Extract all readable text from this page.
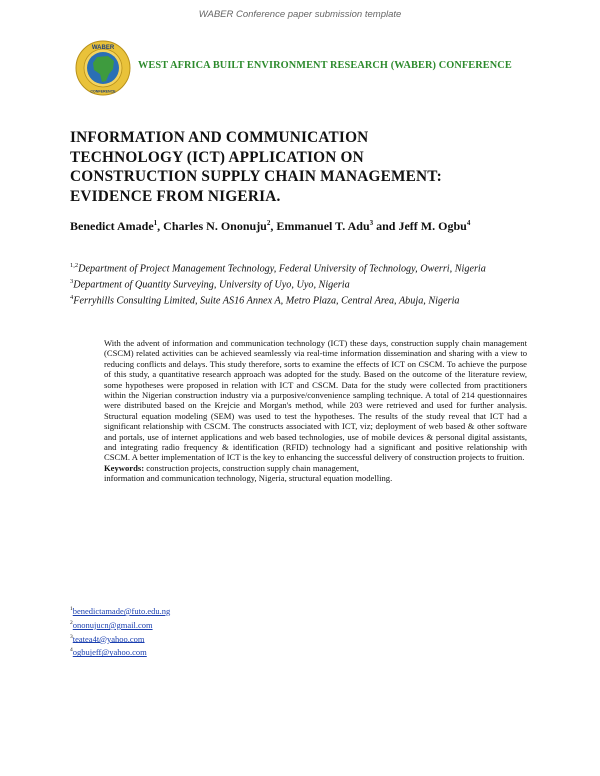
WABER Conference paper submission template
WABER
CONFERENCE
WEST AFRICA BUILT ENVIRONMENT RESEARCH (WABER) CONFERENCE
INFORMATION AND COMMUNICATION
TECHNOLOGY (ICT) APPLICATION ON
CONSTRUCTION SUPPLY CHAIN MANAGEMENT:
EVIDENCE FROM NIGERIA.
Benedict Amade$^1$, Charles N. Ononuju$^2$, Emmanuel T. Adu$^3$ and Jeff M. Ogbu$^4$

$^{1,2}$Department of Project Management Technology, Federal University of Technology, Owerri, Nigeria

$^3$Department of Quantity Surveying, University of Uyo, Uyo, Nigeria

$^4$Ferryhills Consulting Limited, Suite AS16 Annex A, Metro Plaza, Central Area, Abuja, Nigeria

With the advent of information and communication technology (ICT) these days, construction supply chain management (CSCM) related activities can be achieved seamlessly via real-time information dissemination and sharing with a view to reducing conflicts and delays. This study therefore, sorts to examine the effects of ICT on CSCM. To achieve the purpose of this study, a quantitative research approach was adopted for the study. Based on the outcome of the literature review, some hypotheses were proposed in relation with ICT and CSCM. Data for the study were collected from practitioners within the Nigerian construction industry via a purposive/convenience sampling technique. A total of 214 questionnaires were distributed based on the Krejcie and Morgan's method, while 203 were retrieved and used for further analysis. Structural equation modeling (SEM) was used to test the hypotheses. The results of the study reveal that ICT had a significant relationship with CSCM. The constructs associated with ICT, viz; deployment of web based & other software and portals, use of internet applications and web based technologies, use of mobile devices & personal digital assistants, and integrating radio frequency & identification (RFID) technology had a significant and positive relationship with CSCM. A better implementation of ICT is the key to enhancing the successful delivery of construction projects to fruition.

Keywords: construction projects, construction supply chain management,
information and communication technology, Nigeria, structural equation modelling.
$^1$benedictamade@futo.edu.ng
$^2$ononujucn@gmail.com
$^3$teatea4t@yahoo.com
$^4$ogbujeff@yahoo.com
